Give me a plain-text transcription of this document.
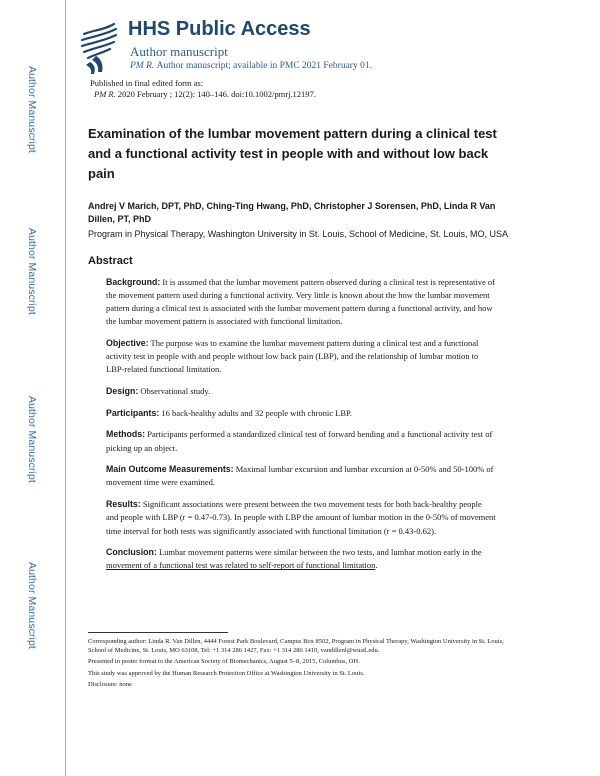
Author Manuscript
Author Manuscript
Author Manuscript
Author Manuscript
HHS Public Access
Author manuscript
PM R. Author manuscript; available in PMC 2021 February 01.
Published in final edited form as:
PM R. 2020 February ; 12(2): 140–146. doi:10.1002/pmrj.12197.
Examination of the lumbar movement pattern during a clinical test and a functional activity test in people with and without low back pain
Andrej V Marich, DPT, PhD, Ching-Ting Hwang, PhD, Christopher J Sorensen, PhD, Linda R Van Dillen, PT, PhD
Program in Physical Therapy, Washington University in St. Louis, School of Medicine, St. Louis, MO, USA
Abstract

Background: It is assumed that the lumbar movement pattern observed during a clinical test is representative of the movement pattern used during a functional activity. Very little is known about the how the lumbar movement pattern during a clinical test is associated with the lumbar movement pattern during a functional activity, and how the lumbar movement pattern is associated with functional limitation.

Objective: The purpose was to examine the lumbar movement pattern during a clinical test and a functional activity test in people with and people without low back pain (LBP), and the relationship of lumbar motion to LBP-related functional limitation.

Design: Observational study.

Participants: 16 back-healthy adults and 32 people with chronic LBP.

Methods: Participants performed a standardized clinical test of forward bending and a functional activity test of picking up an object.

Main Outcome Measurements: Maximal lumbar excursion and lumbar excursion at 0-50% and 50-100% of movement time were examined.

Results: Significant associations were present between the two movement tests for both back-healthy people and people with LBP (r = 0.47-0.73). In people with LBP the amount of lumbar motion in the 0-50% of movement time interval for both tests was significantly associated with functional limitation (r = 0.43-0.62).

Conclusion: Lumbar movement patterns were similar between the two tests, and lumbar motion early in the movement of a functional test was related to self-report of functional limitation.

Corresponding author: Linda R. Van Dillen, 4444 Forest Park Boulevard, Campus Box 8502, Program in Physical Therapy, Washington University in St. Louis, School of Medicine, St. Louis, MO 63108, Tel: +1 314 286 1427, Fax: +1 314 286 1410, vandillenl@wustl.edu.

Presented in poster format to the American Society of Biomechanics, August 5–8, 2015, Columbus, OH.

This study was approved by the Human Research Protection Office at Washington University in St. Louis.

Disclosure: none
